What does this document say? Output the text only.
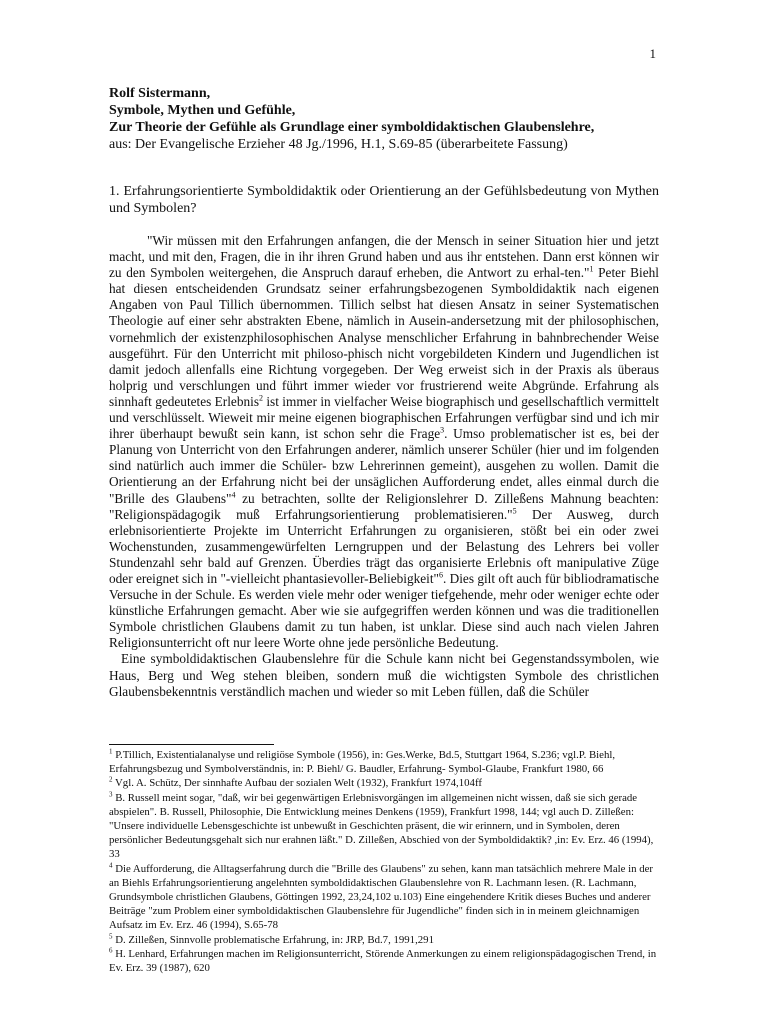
1
Rolf Sistermann,
Symbole, Mythen und Gefühle,
Zur Theorie der Gefühle als Grundlage einer symboldidaktischen Glaubenslehre,
aus: Der Evangelische Erzieher 48 Jg./1996, H.1, S.69-85 (überarbeitete Fassung)
1. Erfahrungsorientierte Symboldidaktik oder Orientierung an der Gefühlsbedeutung von Mythen und Symbolen?

"Wir müssen mit den Erfahrungen anfangen, die der Mensch in seiner Situation hier und jetzt macht, und mit den, Fragen, die in ihr ihren Grund haben und aus ihr entstehen. Dann erst können wir zu den Symbolen weitergehen, die Anspruch darauf erheben, die Antwort zu erhal-ten."$^1$ Peter Biehl hat diesen entscheidenden Grundsatz seiner erfahrungsbezogenen Symboldidaktik nach eigenen Angaben von Paul Tillich übernommen. Tillich selbst hat diesen Ansatz in seiner Systematischen Theologie auf einer sehr abstrakten Ebene, nämlich in Ausein-andersetzung mit der philosophischen, vornehmlich der existenzphilosophischen Analyse menschlicher Erfahrung in bahnbrechender Weise ausgeführt. Für den Unterricht mit philoso-phisch nicht vorgebildeten Kindern und Jugendlichen ist damit jedoch allenfalls eine Richtung vorgegeben. Der Weg erweist sich in der Praxis als überaus holprig und verschlungen und führt immer wieder vor frustrierend weite Abgründe. Erfahrung als sinnhaft gedeutetes Erlebnis$^2$ ist immer in vielfacher Weise biographisch und gesellschaftlich vermittelt und verschlüsselt. Wieweit mir meine eigenen biographischen Erfahrungen verfügbar sind und ich mir ihrer überhaupt bewußt sein kann, ist schon sehr die Frage$^3$. Umso problematischer ist es, bei der Planung von Unterricht von den Erfahrungen anderer, nämlich unserer Schüler (hier und im folgenden sind natürlich auch immer die Schüler- bzw Lehrerinnen gemeint), ausgehen zu wollen. Damit die Orientierung an der Erfahrung nicht bei der unsäglichen Aufforderung endet, alles einmal durch die "Brille des Glaubens"$^4$ zu betrachten, sollte der Religionslehrer D. Zilleßens Mahnung beachten: "Religionspädagogik muß Erfahrungsorientierung problematisieren."$^5$ Der Ausweg, durch erlebnisorientierte Projekte im Unterricht Erfahrungen zu organisieren, stößt bei ein oder zwei Wochenstunden, zusammengewürfelten Lerngruppen und der Belastung des Lehrers bei voller Stundenzahl sehr bald auf Grenzen. Überdies trägt das organisierte Erlebnis oft manipulative Züge oder ereignet sich in "-vielleicht phantasievoller-Beliebigkeit"$^6$. Dies gilt oft auch für bibliodramatische Versuche in der Schule. Es werden viele mehr oder weniger tiefgehende, mehr oder weniger echte oder künstliche Erfahrungen gemacht. Aber wie sie aufgegriffen werden können und was die traditionellen Symbole christlichen Glaubens damit zu tun haben, ist unklar. Diese sind auch nach vielen Jahren Religionsunterricht oft nur leere Worte ohne jede persönliche Bedeutung.

Eine symboldidaktischen Glaubenslehre für die Schule kann nicht bei Gegenstandssymbolen, wie Haus, Berg und Weg stehen bleiben, sondern muß die wichtigsten Symbole des christlichen Glaubensbekenntnis verständlich machen und wieder so mit Leben füllen, daß die Schüler

$^1$ P.Tillich, Existentialanalyse und religiöse Symbole (1956), in: Ges.Werke, Bd.5, Stuttgart 1964, S.236; vgl.P. Biehl, Erfahrungsbezug und Symbolverständnis, in: P. Biehl/ G. Baudler, Erfahrung- Symbol-Glaube, Frankfurt 1980, 66

$^2$ Vgl. A. Schütz, Der sinnhafte Aufbau der sozialen Welt (1932), Frankfurt 1974,104ff

$^3$ B. Russell meint sogar, "daß, wir bei gegenwärtigen Erlebnisvorgängen im allgemeinen nicht wissen, daß sie sich gerade abspielen". B. Russell, Philosophie, Die Entwicklung meines Denkens (1959), Frankfurt 1998, 144; vgl auch D. Zilleßen: "Unsere individuelle Lebensgeschichte ist unbewußt in Geschichten präsent, die wir erinnern, und in Symbolen, deren persönlicher Bedeutungsgehalt sich nur erahnen läßt." D. Zilleßen, Abschied von der Symboldidaktik? ,in: Ev. Erz. 46 (1994), 33

$^4$ Die Aufforderung, die Alltagserfahrung durch die "Brille des Glaubens" zu sehen, kann man tatsächlich mehrere Male in der an Biehls Erfahrungsorientierung angelehnten symboldidaktischen Glaubenslehre von R. Lachmann lesen. (R. Lachmann, Grundsymbole christlichen Glaubens, Göttingen 1992, 23,24,102 u.103) Eine eingehendere Kritik dieses Buches und anderer Beiträge "zum Problem einer symboldidaktischen Glaubenslehre für Jugendliche" finden sich in in meinem gleichnamigen Aufsatz im Ev. Erz. 46 (1994), S.65-78

$^5$ D. Zilleßen, Sinnvolle problematische Erfahrung, in: JRP, Bd.7, 1991,291

$^6$ H. Lenhard, Erfahrungen machen im Religionsunterricht, Störende Anmerkungen zu einem religionspädagogischen Trend, in Ev. Erz. 39 (1987), 620
